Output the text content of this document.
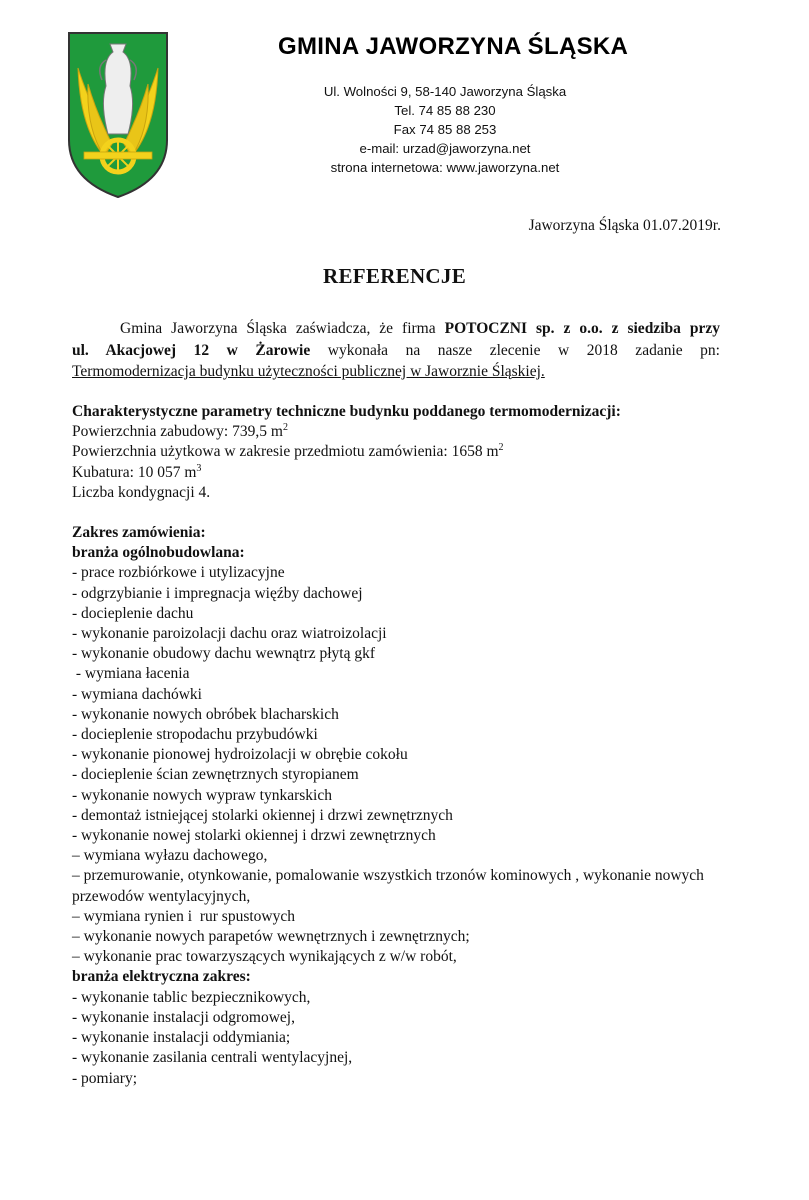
GMINA JAWORZYNA ŚLĄSKA
Ul. Wolności 9, 58-140 Jaworzyna Śląska
Tel. 74 85 88 230
Fax 74 85 88 253
e-mail: urzad@jaworzyna.net
strona internetowa: www.jaworzyna.net
Jaworzyna Śląska 01.07.2019r.
REFERENCJE

Gmina Jaworzyna Śląska zaświadcza, że firma POTOCZNI sp. z o.o. z siedziba przy

ul. Akacjowej 12 w Żarowie wykonała na nasze zlecenie w 2018 zadanie pn:

Termomodernizacja budynku użyteczności publicznej w Jaworznie Śląskiej.

Charakterystyczne parametry techniczne budynku poddanego termomodernizacji:
Powierzchnia zabudowy: 739,5 $m^2$
Powierzchnia użytkowa w zakresie przedmiotu zamówienia: 1658 $m^2$
Kubatura: 10 057 $m^3$
Liczba kondygnacji 4.
Zakres zamówienia:
branża ogólnobudowlana:
- prace rozbiórkowe i utylizacyjne
- odgrzybianie i impregnacja więźby dachowej
- docieplenie dachu
- wykonanie paroizolacji dachu oraz wiatroizolacji
- wykonanie obudowy dachu wewnątrz płytą gkf
- wymiana łacenia
- wymiana dachówki
- wykonanie nowych obróbek blacharskich
- docieplenie stropodachu przybudówki
- wykonanie pionowej hydroizolacji w obrębie cokołu
- docieplenie ścian zewnętrznych styropianem
- wykonanie nowych wypraw tynkarskich
- demontaż istniejącej stolarki okiennej i drzwi zewnętrznych
- wykonanie nowej stolarki okiennej i drzwi zewnętrznych
– wymiana wyłazu dachowego,
– przemurowanie, otynkowanie, pomalowanie wszystkich trzonów kominowych , wykonanie nowych przewodów wentylacyjnych,
– wymiana rynien i  rur spustowych
– wykonanie nowych parapetów wewnętrznych i zewnętrznych;
– wykonanie prac towarzyszących wynikających z w/w robót,
branża elektryczna zakres:
- wykonanie tablic bezpiecznikowych,
- wykonanie instalacji odgromowej,
- wykonanie instalacji oddymiania;
- wykonanie zasilania centrali wentylacyjnej,
- pomiary;
